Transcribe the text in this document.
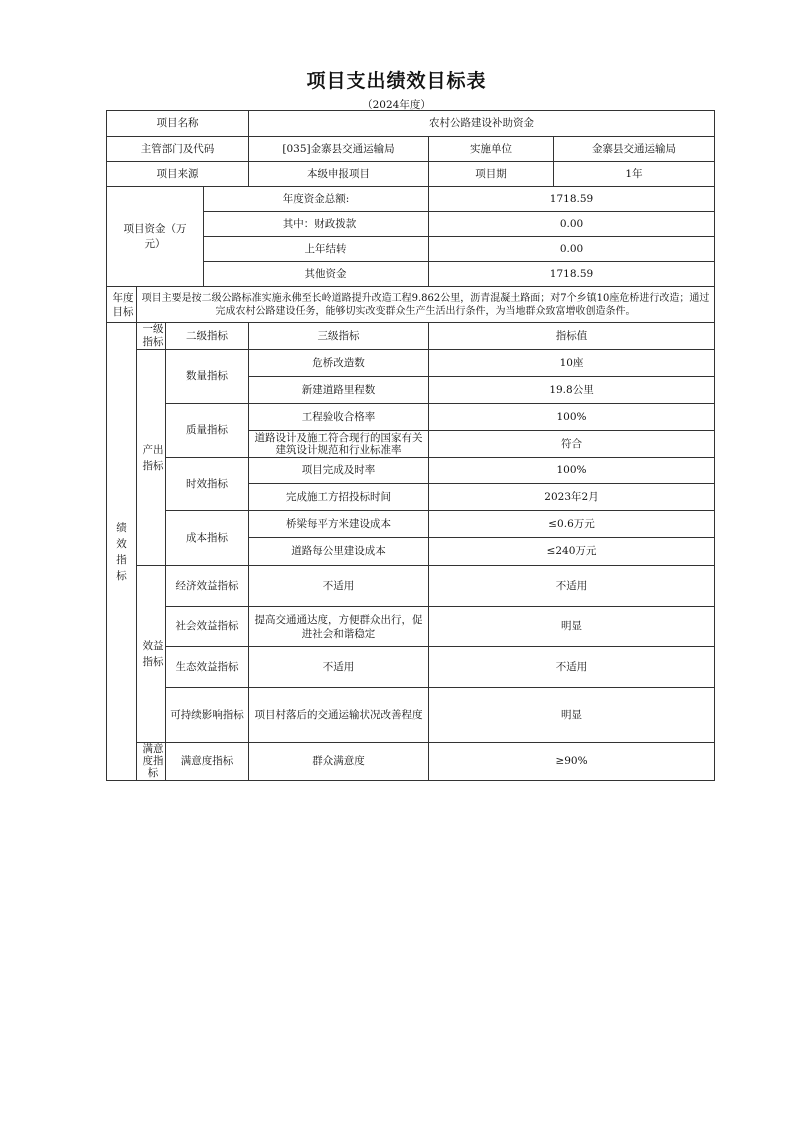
项目支出绩效目标表
（2024年度）
项目名称				农村公路建设补助资金		
主管部门及代码				[035]金寨县交通运输局	实施单位	金寨县交通运输局
项目来源				本级申报项目	项目期	1年
项目资金（万元）			年度资金总额:		1718.59	
			其中：财政拨款		0.00	
			上年结转		0.00	
			其他资金		1718.59	
年度目标	项目主要是按二级公路标准实施永佛至长岭道路提升改造工程9.862公里，沥青混凝土路面；对7个乡镇10座危桥进行改造；通过完成农村公路建设任务，能够切实改变群众生产生活出行条件，为当地群众致富增收创造条件。					
绩效指标	一级指标	二级指标		三级指标	指标值	
	产出指标	数量指标		危桥改造数	10座	
				新建道路里程数	19.8公里	
		质量指标		工程验收合格率	100%	
				道路设计及施工符合现行的国家有关建筑设计规范和行业标准率	符合	
		时效指标		项目完成及时率	100%	
				完成施工方招投标时间	2023年2月	
		成本指标		桥梁每平方米建设成本	≤0.6万元	
				道路每公里建设成本	≤240万元	
	效益指标	经济效益指标		不适用	不适用	
		社会效益指标		提高交通通达度，方便群众出行，促进社会和谐稳定	明显	
		生态效益指标		不适用	不适用	
		可持续影响指标		项目村落后的交通运输状况改善程度	明显	
	满意度指标	满意度指标		群众满意度	≥90%	
